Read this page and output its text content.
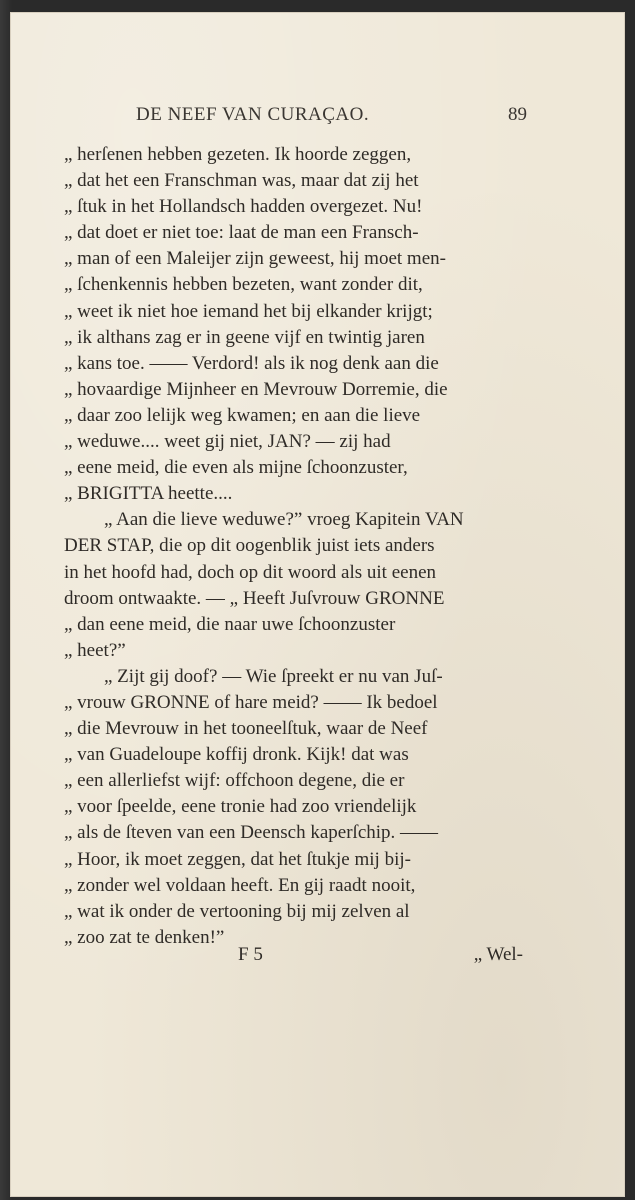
DE NEEF VAN CURAÇAO.	89
„ herſenen hebben gezeten. Ik hoorde zeggen,
„ dat het een Franschman was, maar dat zij het
„ ſtuk in het Hollandsch hadden overgezet. Nu!
„ dat doet er niet toe: laat de man een Fransch-
„ man of een Maleijer zijn geweest, hij moet men-
„ ſchenkennis hebben bezeten, want zonder dit,
„ weet ik niet hoe iemand het bij elkander krijgt;
„ ik althans zag er in geene vijf en twintig jaren
„ kans toe. —— Verdord! als ik nog denk aan die
„ hovaardige Mijnheer en Mevrouw Dorremie, die
„ daar zoo lelijk weg kwamen; en aan die lieve
„ weduwe.... weet gij niet, JAN? — zij had
„ eene meid, die even als mijne ſchoonzuster,
„ BRIGITTA heette....
„ Aan die lieve weduwe?” vroeg Kapitein VAN
DER STAP, die op dit oogenblik juist iets anders
in het hoofd had, doch op dit woord als uit eenen
droom ontwaakte. — „ Heeft Juſvrouw GRONNE
„ dan eene meid, die naar uwe ſchoonzuster
„ heet?”
„ Zijt gij doof? — Wie ſpreekt er nu van Juſ-
„ vrouw GRONNE of hare meid? —— Ik bedoel
„ die Mevrouw in het tooneelſtuk, waar de Neef
„ van Guadeloupe koffij dronk. Kijk! dat was
„ een allerliefst wijf: offchoon degene, die er
„ voor ſpeelde, eene tronie had zoo vriendelijk
„ als de ſteven van een Deensch kaperſchip. ——
„ Hoor, ik moet zeggen, dat het ſtukje mij bij-
„ zonder wel voldaan heeft. En gij raadt nooit,
„ wat ik onder de vertooning bij mij zelven al
„ zoo zat te denken!”
F 5	„ Wel-
